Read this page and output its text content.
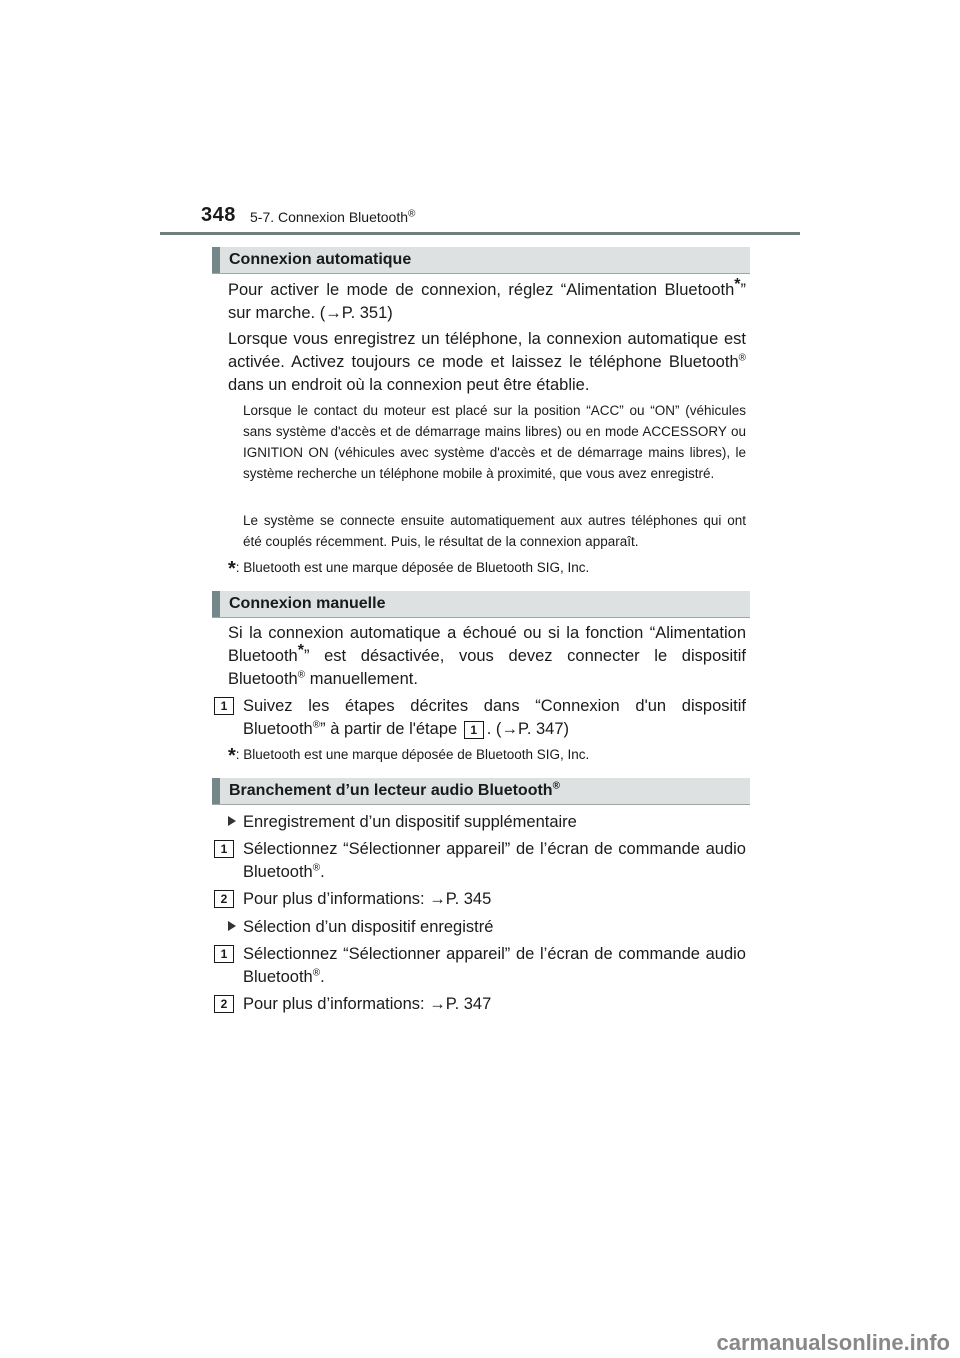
348 5-7. Connexion Bluetooth®
Connexion automatique
Pour activer le mode de connexion, réglez “Alimentation Bluetooth*” sur marche. (→P. 351)
Lorsque vous enregistrez un téléphone, la connexion automatique est activée. Activez toujours ce mode et laissez le téléphone Bluetooth® dans un endroit où la connexion peut être établie.
Lorsque le contact du moteur est placé sur la position “ACC” ou “ON” (véhicules sans système d'accès et de démarrage mains libres) ou en mode ACCESSORY ou IGNITION ON (véhicules avec système d'accès et de démarrage mains libres), le système recherche un téléphone mobile à proximité, que vous avez enregistré.
Le système se connecte ensuite automatiquement aux autres téléphones qui ont été couplés récemment. Puis, le résultat de la connexion apparaît.
*: Bluetooth est une marque déposée de Bluetooth SIG, Inc.
Connexion manuelle
Si la connexion automatique a échoué ou si la fonction “Alimentation Bluetooth*” est désactivée, vous devez connecter le dispositif Bluetooth® manuellement.
1 Suivez les étapes décrites dans “Connexion d'un dispositif Bluetooth®” à partir de l'étape 1 . (→P. 347)
*: Bluetooth est une marque déposée de Bluetooth SIG, Inc.
Branchement d’un lecteur audio Bluetooth®
Enregistrement d’un dispositif supplémentaire
1 Sélectionnez “Sélectionner appareil” de l’écran de commande audio Bluetooth®.
2 Pour plus d’informations: →P. 345
Sélection d’un dispositif enregistré
1 Sélectionnez “Sélectionner appareil” de l’écran de commande audio Bluetooth®.
2 Pour plus d’informations: →P. 347
carmanualsonline.info
